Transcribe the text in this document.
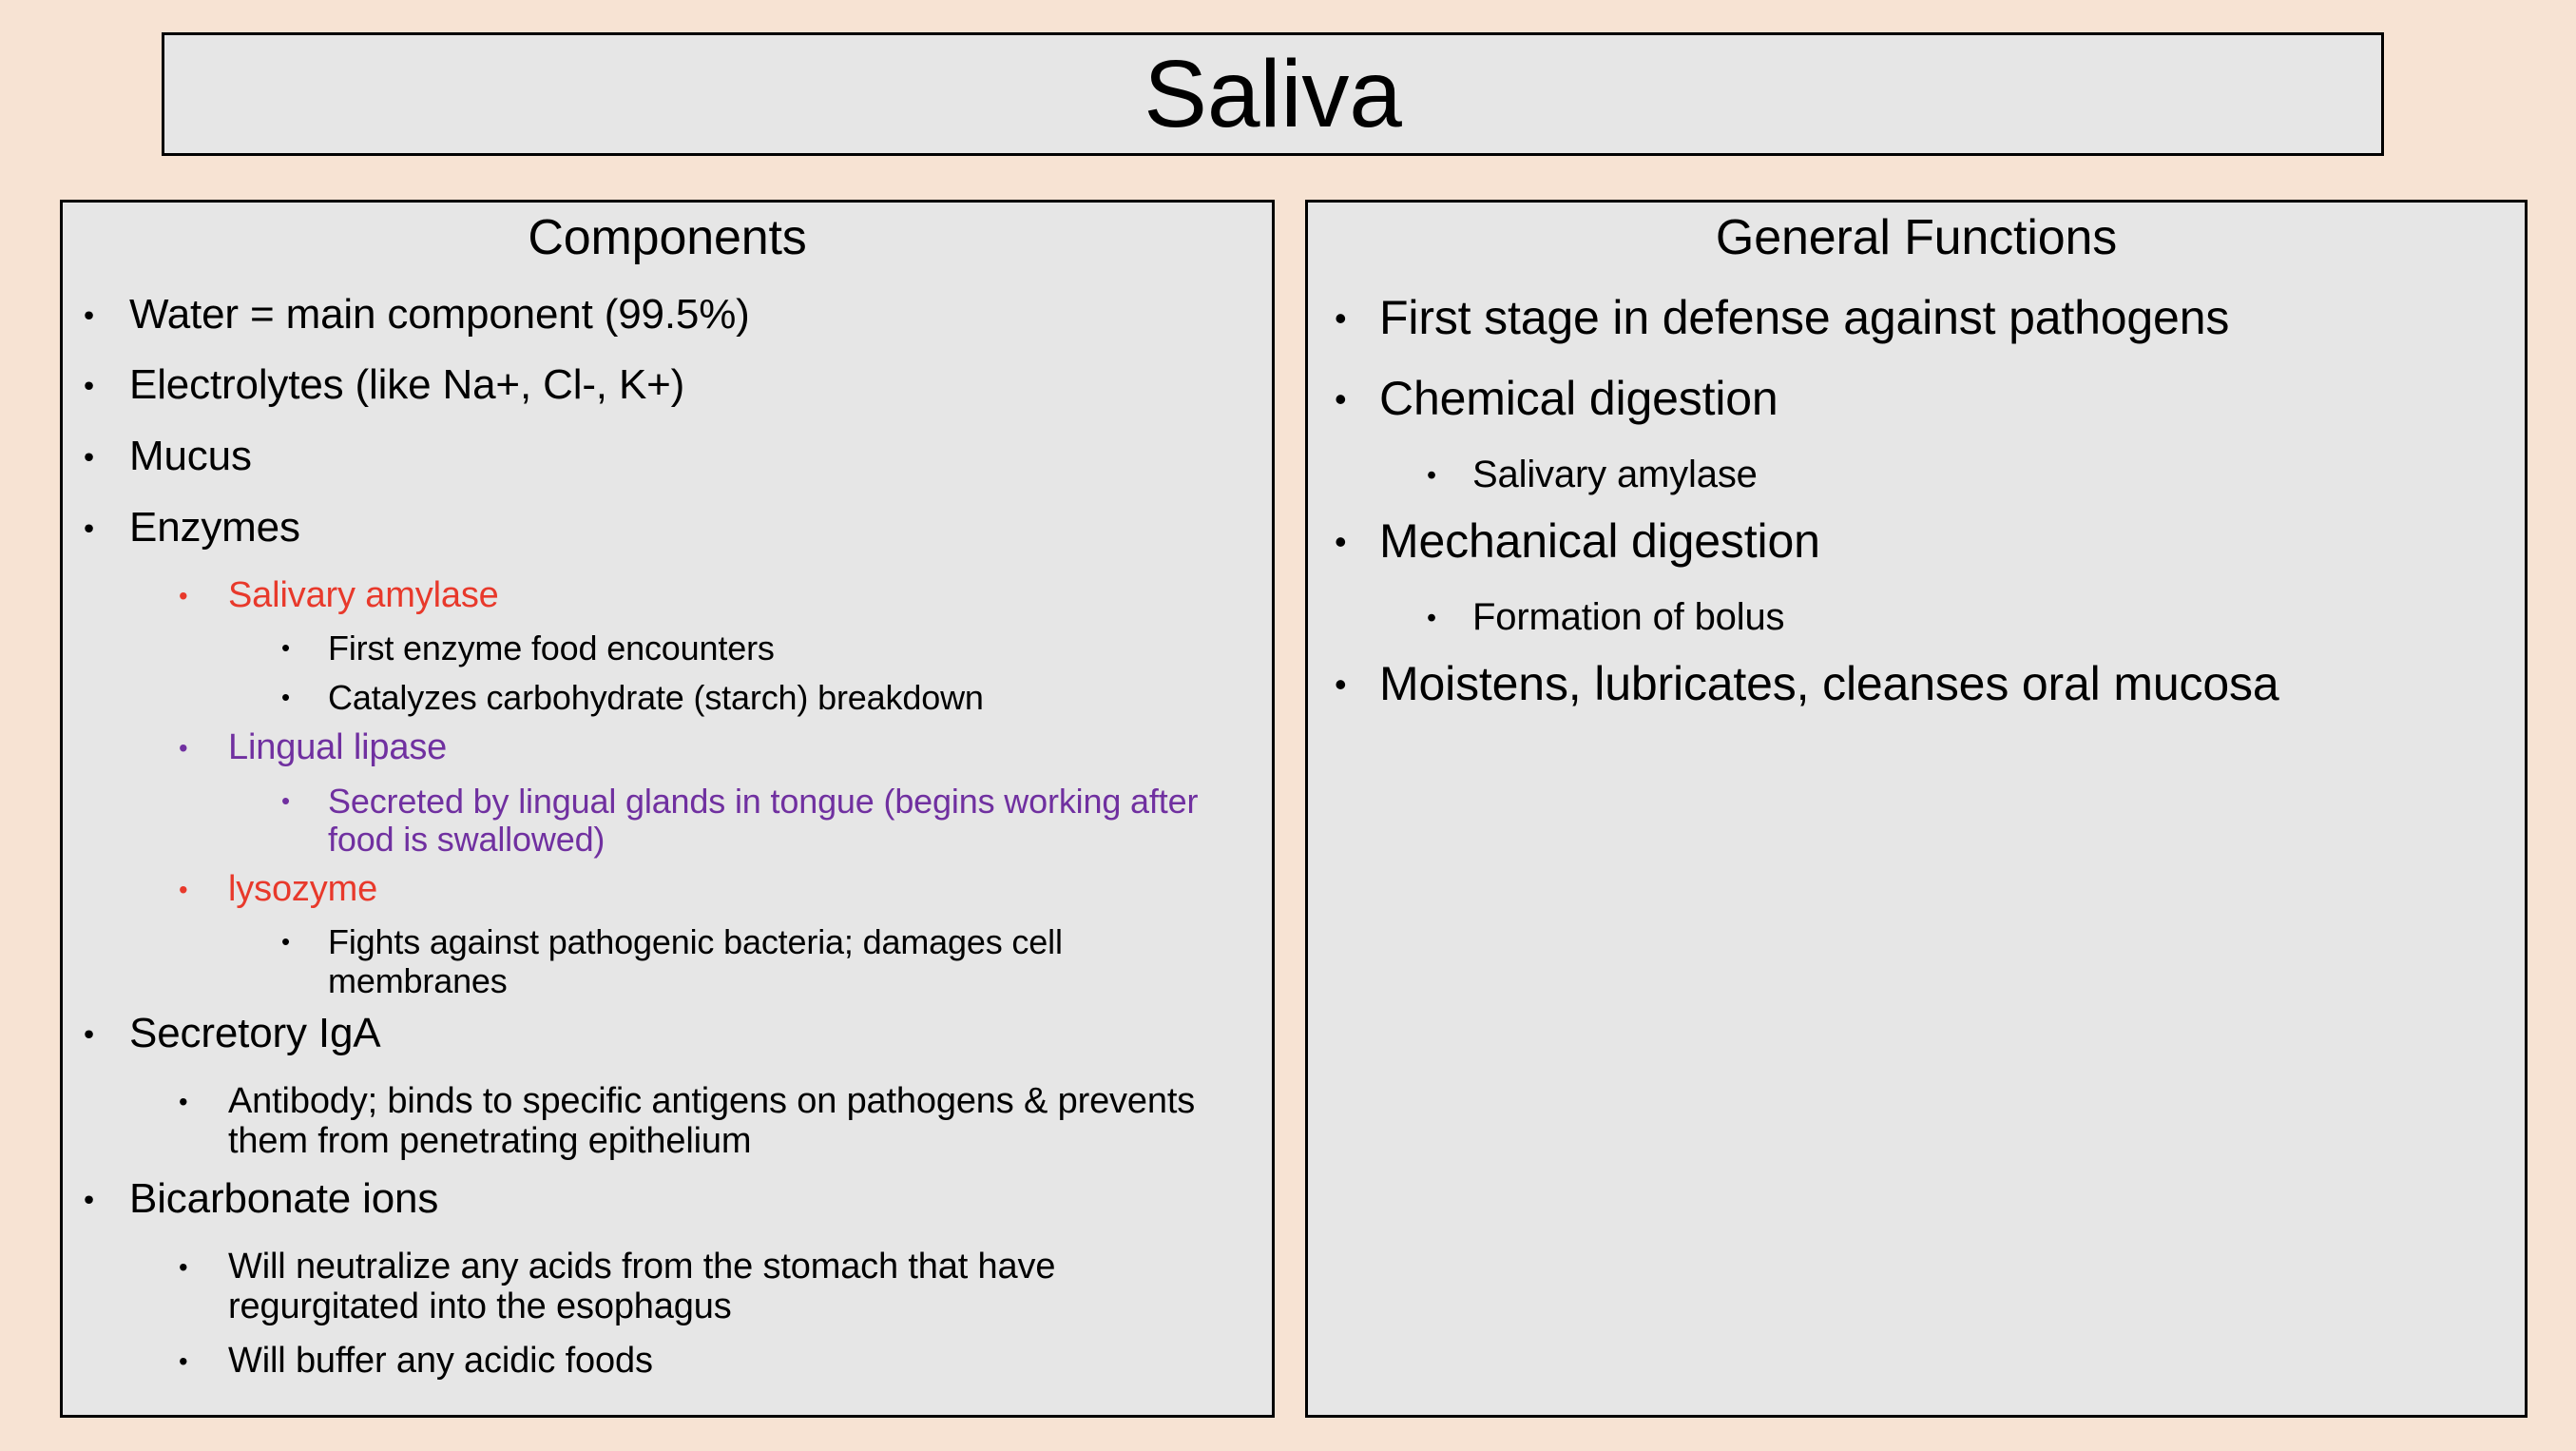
Saliva
Components
• Water = main component (99.5%)
• Electrolytes (like Na+, Cl-, K+)
• Mucus
• Enzymes
•	Salivary amylase
•	First enzyme food encounters
•	Catalyzes carbohydrate (starch) breakdown
•	Lingual lipase
•	Secreted by lingual glands in tongue (begins working after food is swallowed)
•	lysozyme
•	Fights against pathogenic bacteria; damages cell membranes
• Secretory IgA
•	Antibody; binds to specific antigens on pathogens & prevents them from penetrating epithelium
• Bicarbonate ions
•	Will neutralize any acids from the stomach that have regurgitated into the esophagus
•	Will buffer any acidic foods
General Functions
• First stage in defense against pathogens
• Chemical digestion
• Salivary amylase
• Mechanical digestion
• Formation of bolus
• Moistens, lubricates, cleanses oral mucosa
